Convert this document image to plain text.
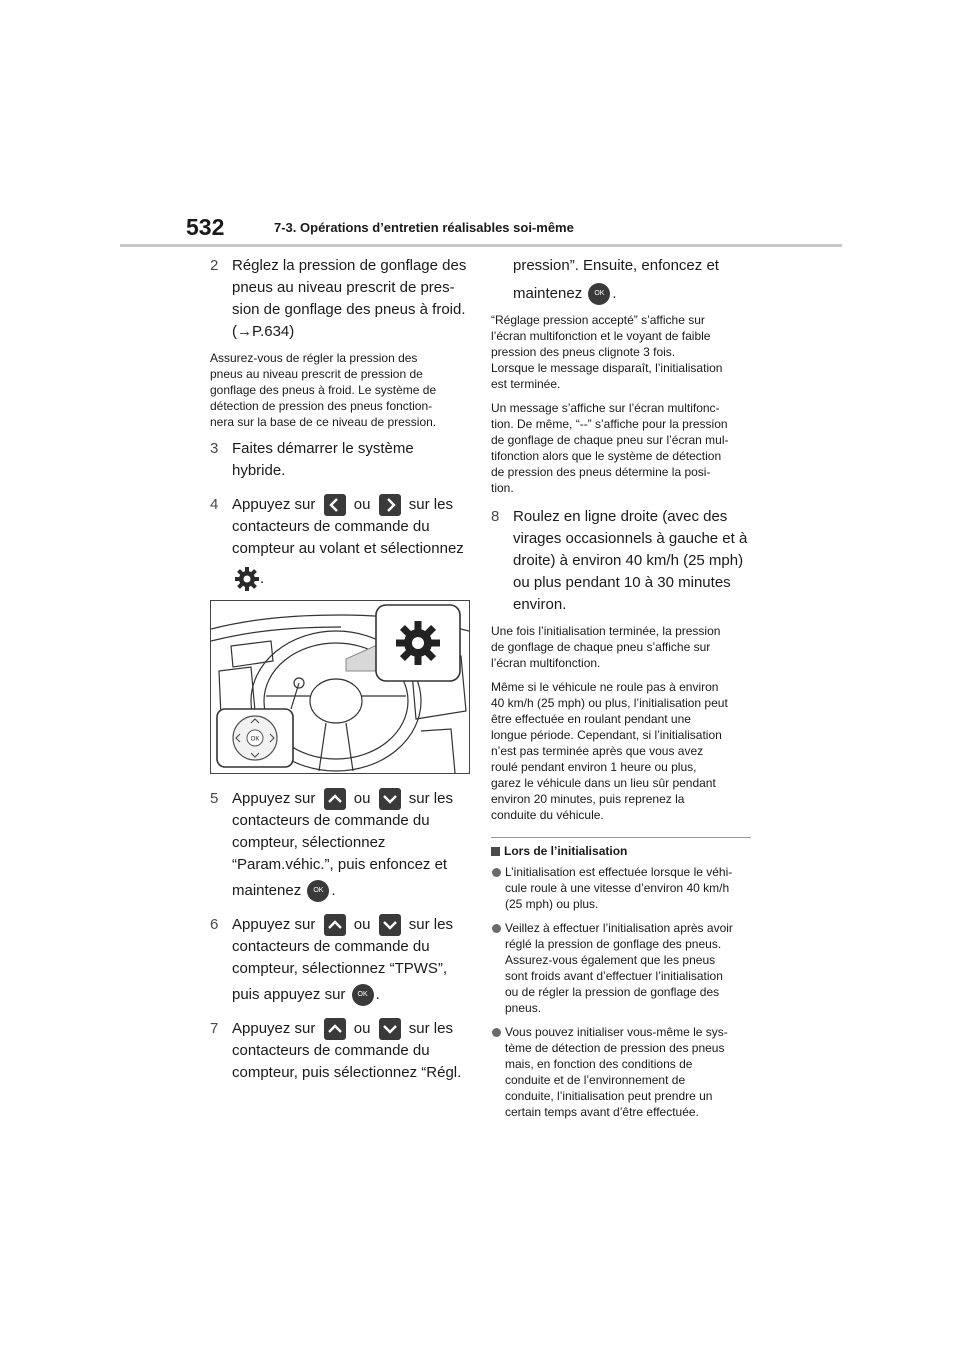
532	7-3. Opérations d’entretien réalisables soi-même
2 Réglez la pression de gonflage des
pneus au niveau prescrit de pres-
sion de gonflage des pneus à froid.
(→P.634)
Assurez-vous de régler la pression des
pneus au niveau prescrit de pression de
gonflage des pneus à froid. Le système de
détection de pression des pneus fonction-
nera sur la base de ce niveau de pression.
3 Faites démarrer le système hybride.
4 Appuyez sur	ou	sur les
contacteurs de commande du
compteur au volant et sélectionnez
.
OK
5 Appuyez sur	ou	sur les
contacteurs de commande du
compteur, sélectionnez
“Param.véhic.”, puis enfoncez et
maintenez OK .
6 Appuyez sur	ou	sur les
contacteurs de commande du
compteur, sélectionnez “TPWS”,
puis appuyez sur OK .
7 Appuyez sur	ou	sur les
contacteurs de commande du
compteur, puis sélectionnez “Régl.
pression”. Ensuite, enfoncez et
maintenez OK .
“Réglage pression accepté” s’affiche sur
l’écran multifonction et le voyant de faible
pression des pneus clignote 3 fois.
Lorsque le message disparaît, l’initialisation
est terminée.
Un message s’affiche sur l’écran multifonc-
tion. De même, “--” s’affiche pour la pression
de gonflage de chaque pneu sur l’écran mul-
tifonction alors que le système de détection
de pression des pneus détermine la posi-
tion.
8 Roulez en ligne droite (avec des
virages occasionnels à gauche et à
droite) à environ 40 km/h (25 mph)
ou plus pendant 10 à 30 minutes
environ.
Une fois l’initialisation terminée, la pression
de gonflage de chaque pneu s’affiche sur
l’écran multifonction.
Même si le véhicule ne roule pas à environ
40 km/h (25 mph) ou plus, l’initialisation peut
être effectuée en roulant pendant une
longue période. Cependant, si l’initialisation
n’est pas terminée après que vous avez
roulé pendant environ 1 heure ou plus,
garez le véhicule dans un lieu sûr pendant
environ 20 minutes, puis reprenez la
conduite du véhicule.
Lors de l’initialisation
L’initialisation est effectuée lorsque le véhi-
cule roule à une vitesse d’environ 40 km/h
(25 mph) ou plus.
Veillez à effectuer l’initialisation après avoir
réglé la pression de gonflage des pneus.
Assurez-vous également que les pneus
sont froids avant d’effectuer l’initialisation
ou de régler la pression de gonflage des
pneus.
Vous pouvez initialiser vous-même le sys-
tème de détection de pression des pneus
mais, en fonction des conditions de
conduite et de l’environnement de
conduite, l’initialisation peut prendre un
certain temps avant d’être effectuée.
